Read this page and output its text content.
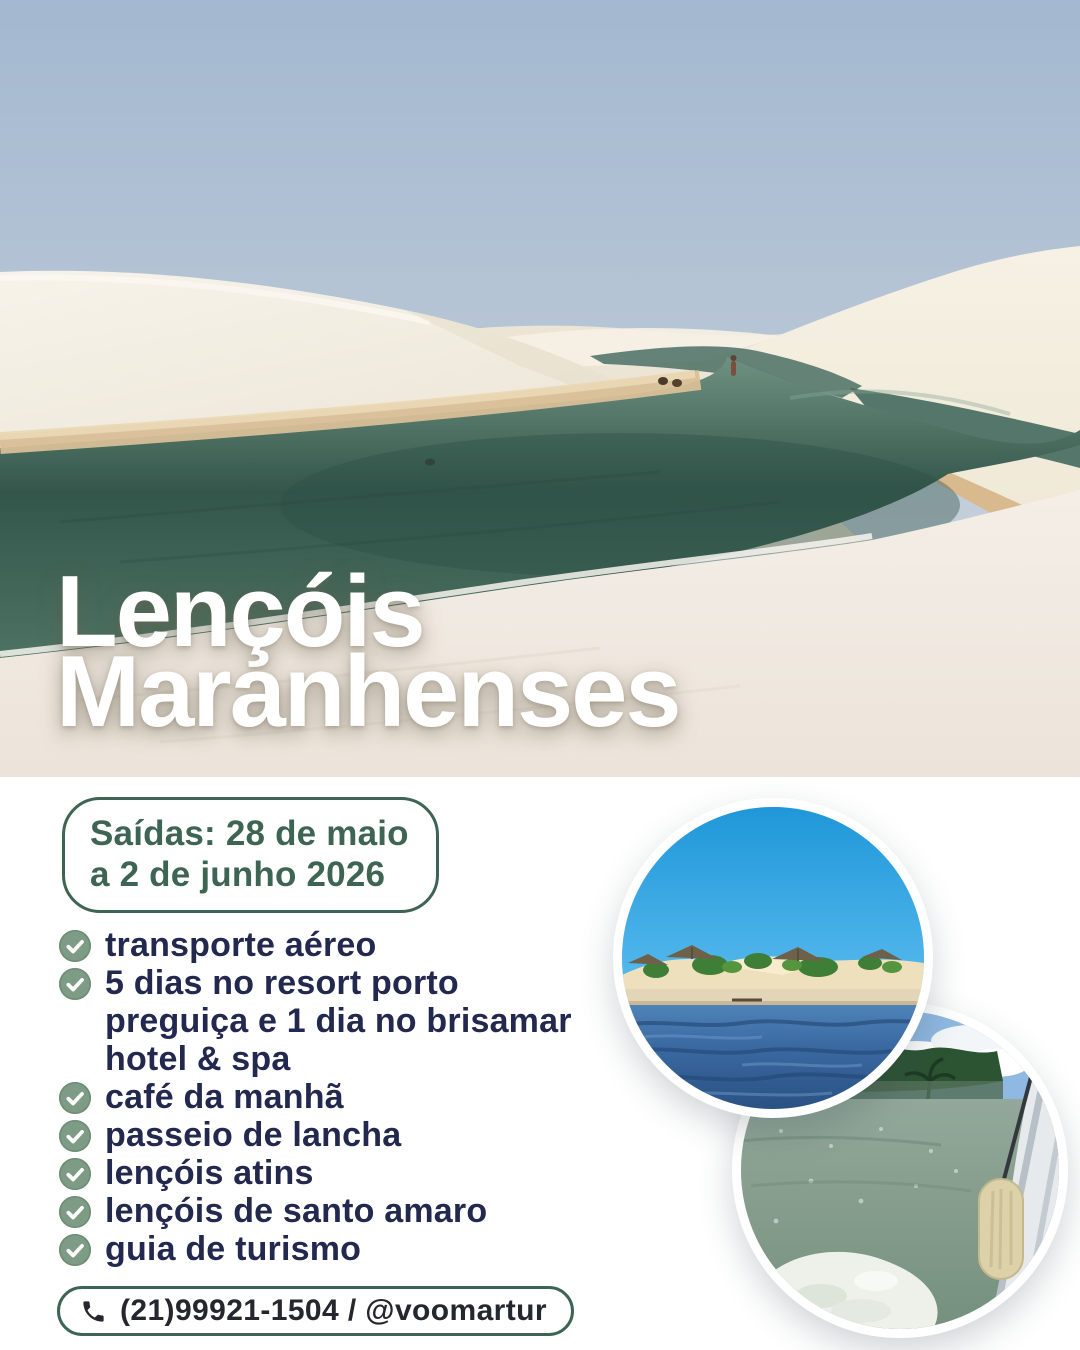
Lençóis
Maranhenses
Saídas: 28 de maio
a 2 de junho 2026
transporte aéreo
5 dias no resort porto
preguiça e 1 dia no brisamar
hotel & spa
café da manhã
passeio de lancha
lençóis atins
lençóis de santo amaro
guia de turismo
(21)99921-1504 / @voomartur
